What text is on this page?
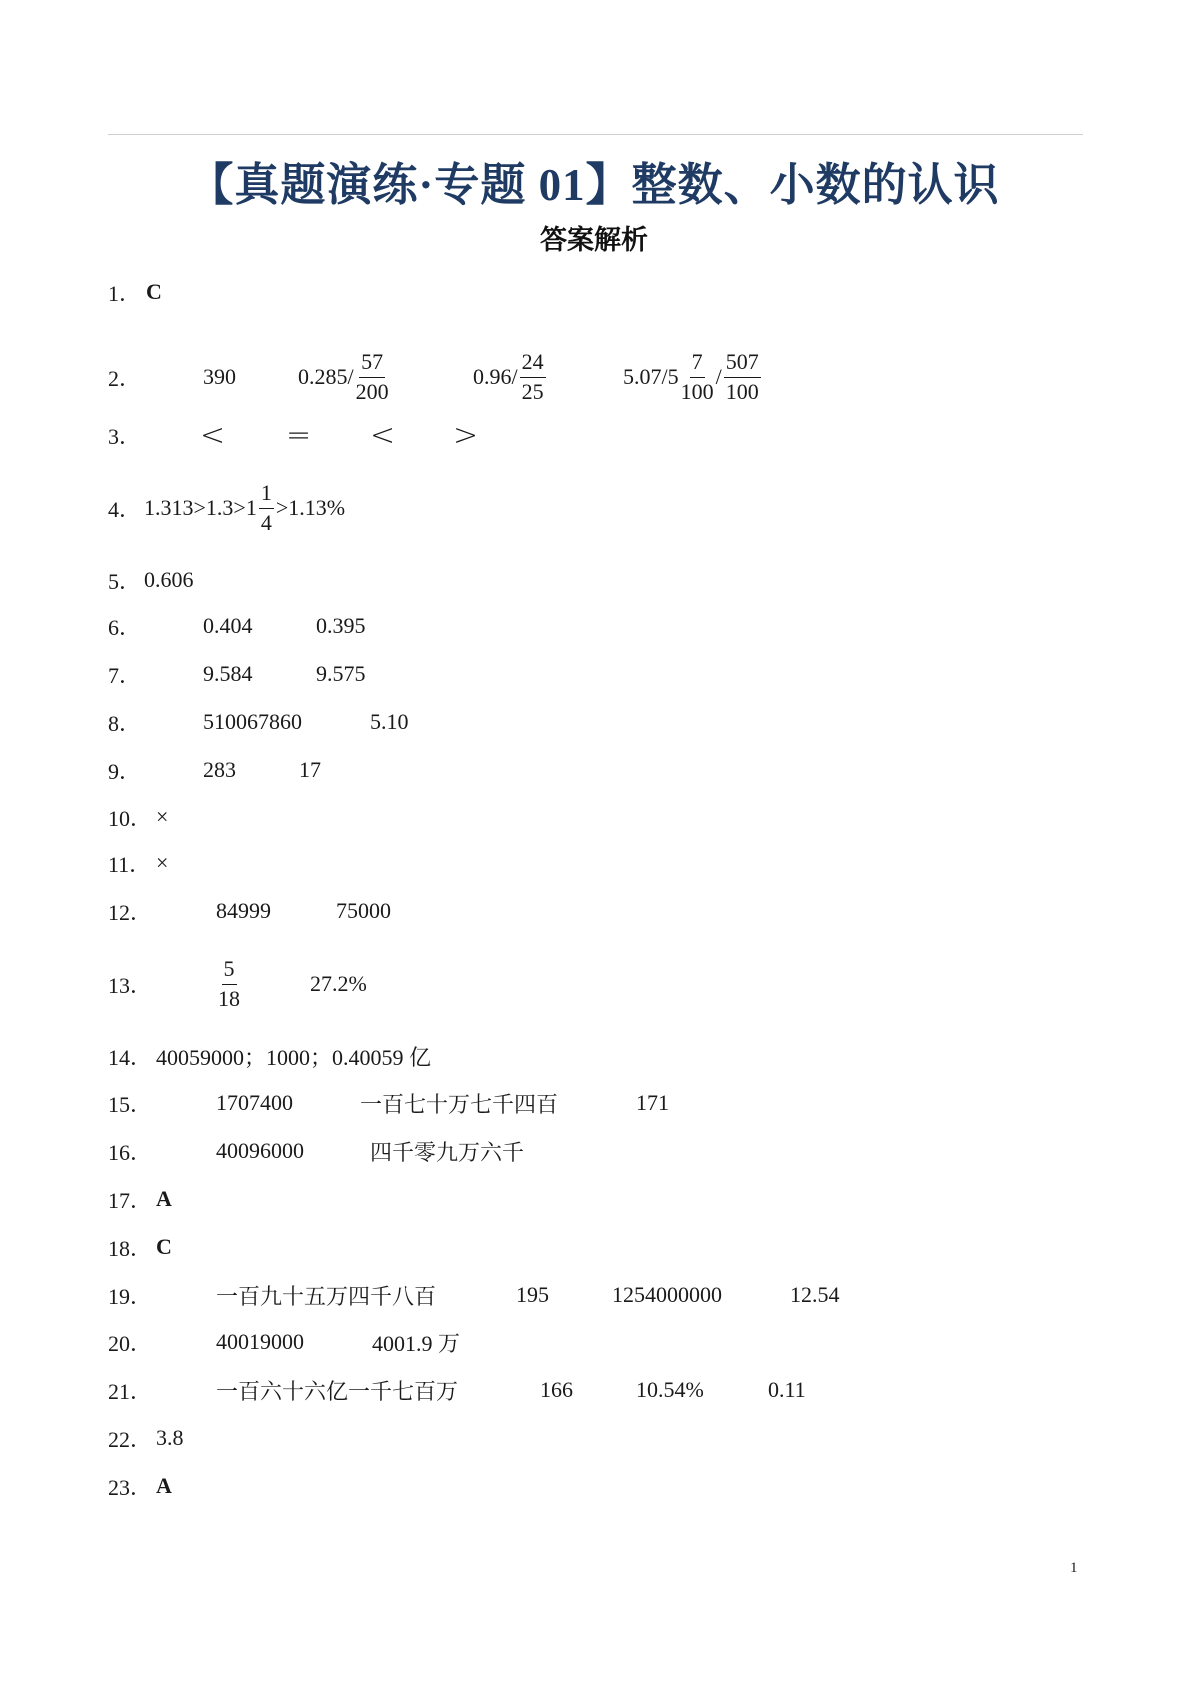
【真题演练·专题 01】整数、小数的认识
答案解析
1． C
2．	390	$0.285/ \frac{57}{200}$	$0.96/ \frac{24}{25}$	$5.07/5 \frac{7}{100} / \frac{507}{100}$
3． < = < >
4． $1.313 > 1.3 > 1 \frac{1}{4} > 1.13\%$
5． 0.606
6．	0.404	0.395
7．	9.584	9.575
8．	510067860	5.10
9．	283	17
10． ×
11． ×
12．	84999	75000
13．	$\frac{5}{18}$	27.2%
14． 40059000；1000；0.40059 亿
15．	1707400	一百七十万七千四百	171
16．	40096000	四千零九万六千
17． A
18． C
19．	一百九十五万四千八百	195	1254000000	12.54
20．	40019000	4001.9 万
21．	一百六十六亿一千七百万	166	10.54%	0.11
22． 3.8
23． A
1
